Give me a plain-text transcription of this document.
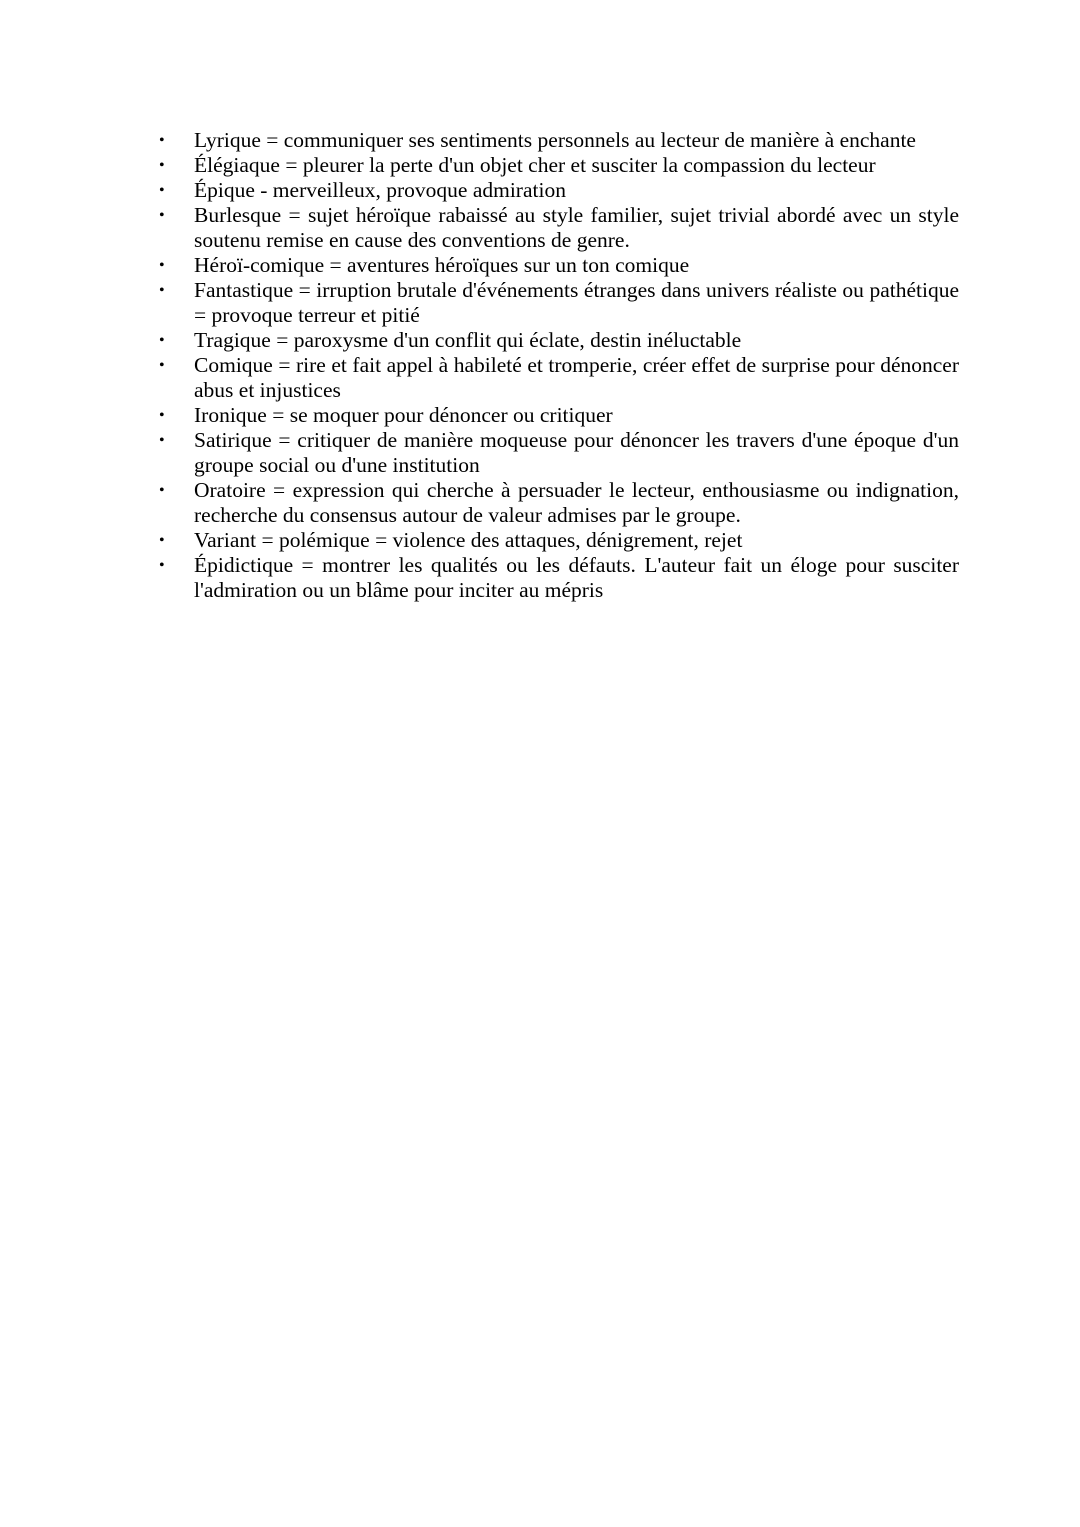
• Lyrique = communiquer ses sentiments personnels au lecteur de manière à enchante
• Élégiaque = pleurer la perte d'un objet cher et susciter la compassion du lecteur
• Épique - merveilleux, provoque admiration
• Burlesque = sujet héroïque rabaissé au style familier, sujet trivial abordé avec un style soutenu remise en cause des conventions de genre.
• Héroï-comique = aventures héroïques sur un ton comique
• Fantastique = irruption brutale d'événements étranges dans univers réaliste ou pathétique = provoque terreur et pitié
• Tragique = paroxysme d'un conflit qui éclate, destin inéluctable
• Comique = rire et fait appel à habileté et tromperie, créer effet de surprise pour dénoncer abus et injustices
• Ironique = se moquer pour dénoncer ou critiquer
• Satirique = critiquer de manière moqueuse pour dénoncer les travers d'une époque d'un groupe social ou d'une institution
• Oratoire = expression qui cherche à persuader le lecteur, enthousiasme ou indignation, recherche du consensus autour de valeur admises par le groupe.
• Variant = polémique = violence des attaques, dénigrement, rejet
• Épidictique = montrer les qualités ou les défauts. L'auteur fait un éloge pour susciter l'admiration ou un blâme pour inciter au mépris
